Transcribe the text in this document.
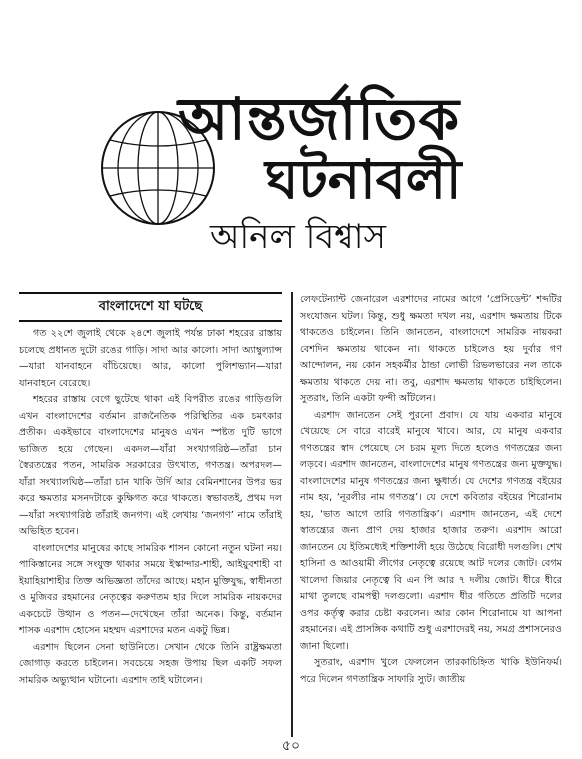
আন্তর্জাতিক
ঘটনাবলী
অনিল বিশ্বাস
বাংলাদেশে যা ঘটছে

গত ২২শে জুলাই থেকে ২৪শে জুলাই পর্যন্ত ঢাকা শহরের রাস্তায় চলেছে প্রধানত দুটো রঙের গাড়ি। সাদা আর কালো। সাদা অ্যাম্বুল্যান্স—যারা যানবাহনে বাঁচিয়েছে। আর, কালো পুলিশভ্যান—যারা যানবাহনে বেরেছে।

শহরের রাস্তায় বেগে ছুটেছে থাকা এই বিপরীত রঙের গাড়িগুলি এখন বাংলাদেশের বর্তমান রাজনৈতিক পরিস্থিতির এক চমৎকার প্রতীক। একইভাবে বাংলাদেশের মানুষও এখন স্পষ্টত দুটি ভাগে ভাজিত হয়ে গেছেন। একদল—যাঁরা সংখ্যাগরিষ্ঠ—তাঁরা চান স্বৈরতন্ত্রের পতন, সামরিক সরকারের উৎখাত, গণতন্ত্র। অপরদল—যাঁরা সংখ্যালঘিষ্ঠ—তাঁরা চান খাকি উর্দি আর বেমিনশানের উপর ভর করে ক্ষমতার মসনদটাকে কুক্ষিগত করে থাকতে। স্বভাবতই, প্রথম দল—যাঁরা সংখ্যাগরিষ্ঠ তাঁরাই জনগণ। এই লেখায় ‘জনগণ’ নামে তাঁরাই অভিহিত হবেন।

বাংলাদেশের মানুষের কাছে সামরিক শাসন কোনো নতুন ঘটনা নয়। পাকিস্তানের সঙ্গে সংযুক্ত থাকার সময়ে ইস্কান্দার-শাহী, আইয়ুবশাহী বা ইয়াহিয়াশাহীর তিক্ত অভিজ্ঞতা তাঁদের আছে। মহান মুক্তিযুদ্ধ, স্বাধীনতা ও মুজিবর রহমানের নেতৃত্বের করুণতম হার দিলে সামরিক নায়কদের একচেটে উত্থান ও পতন—দেখেছেন তাঁরা অনেক। কিন্তু, বর্তমান শাসক এরশাদ হোসেন মহম্মদ এরশাদের মতন একটু ভিন্ন।

এরশাদ ছিলেন সেনা ছাউনিতে। সেখান থেকে তিনি রাষ্ট্রক্ষমতা জোগাড় করতে চাইলেন। সবচেয়ে সহজ উপায় ছিল একটি সফল সামরিক অভ্যুত্থান ঘটানো। এরশাদ তাই ঘটালেন।

লেফটেন্যান্ট জেনারেল এরশাদের নামের আগে ‘প্রেসিডেন্ট’ শব্দটির সংযোজন ঘটল। কিন্তু, শুধু ক্ষমতা দখল নয়, এরশাদ ক্ষমতায় টিকে থাকতেও চাইলেন। তিনি জানতেন, বাংলাদেশে সামরিক নায়করা বেশদিন ক্ষমতায় থাকেন না। থাকতে চাইলেও হয় দুর্বার গণ আন্দোলন, নয় কোন সহকর্মীর ঠান্ডা লোভী রিভলভারের নল তাকে ক্ষমতায় থাকতে দেয় না। তবু, এরশাদ ক্ষমতায় থাকতে চাইছিলেন। সুতরাং, তিনি একটা ফন্দী আঁটলেন।

এরশাদ জানতেন সেই পুরনো প্রবাদ। যে যায় একবার মানুষে খেয়েছে সে বারে বারেই মানুষে খাবে। আর, যে মানুষ একবার গণতন্ত্রের স্বাদ পেয়েছে সে চরম মূল্য দিতে হলেও গণতন্ত্রের জন্য লড়বে। এরশাদ জানতেন, বাংলাদেশের মানুষ গণতন্ত্রের জন্য মুক্তযুদ্ধ। বাংলাদেশের মানুষ গণতন্ত্রের জন্য ক্ষুধার্ত। যে দেশের গণতন্ত্র বইয়ের নাম হয়, ‘নূরলীর নাম গণতন্ত্র’। যে দেশে কবিতার বইয়ের শিরোনাম হয়, ‘ভাত আগে তারি গণতান্ত্রিক’। এরশাদ জানতেন, এই দেশে স্বাতন্ত্র্যের জন্য প্রাণ দেয় হাজার হাজার তরুণ। এরশাদ আরো জানতেন যে ইতিমধ্যেই শক্তিশালী হয়ে উঠেছে বিরোধী দলগুলি। শেখ হাসিনা ও আওয়ামী লীগের নেতৃত্বে রয়েছে আট দলের জোট। বেগম খালেদা জিয়ার নেতৃত্বে বি এন পি আর ৭ দলীয় জোট। ধীরে ধীরে মাথা তুলছে বামপন্থী দলগুলো। এরশাদ ধীর গতিতে প্রতিটি দলের ওপর কর্তৃত্ব করার চেষ্টা করলেন। আর কোন শিরোনামে যা আপনা রহমানের। এই প্রাসঙ্গিক কথাটি শুধু এরশাদেরই নয়, সমগ্র প্রশাসনেরও জানা ছিলো।

সুতরাং, এরশাদ খুলে ফেললেন তারকাচিহ্নিত খাকি ইউনিফর্ম। পরে দিলেন গণতান্ত্রিক সাফারি স্যুট। জাতীয়

৫০
